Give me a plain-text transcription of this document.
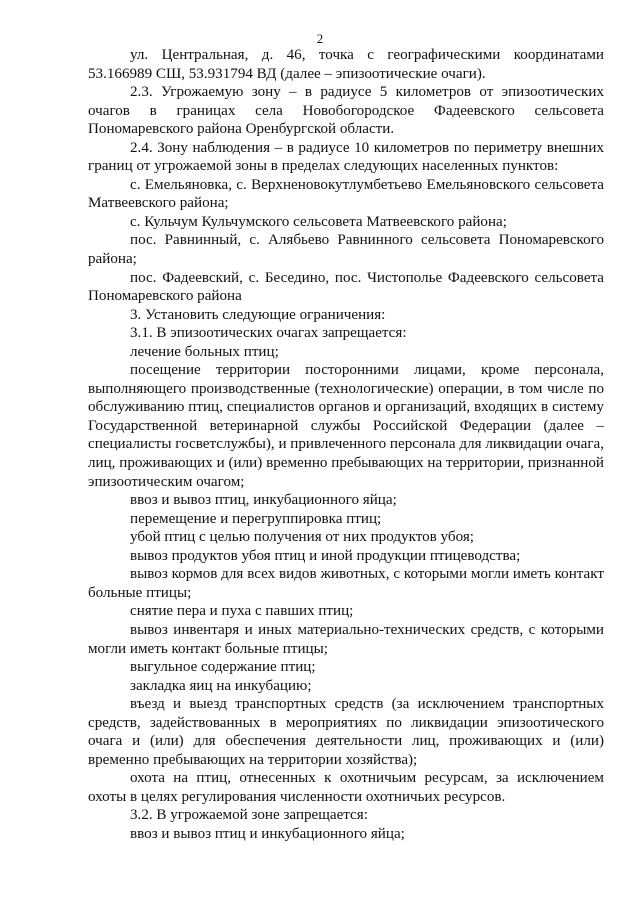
2

ул. Центральная, д. 46, точка с географическими координатами 53.166989 СШ, 53.931794 ВД (далее – эпизоотические очаги).

2.3. Угрожаемую зону – в радиусе 5 километров от эпизоотических очагов в границах села Новобогородское Фадеевского сельсовета Пономаревского района Оренбургской области.

2.4. Зону наблюдения – в радиусе 10 километров по периметру внешних границ от угрожаемой зоны в пределах следующих населенных пунктов:

с. Емельяновка, с. Верхненовокутлумбетьево Емельяновского сельсовета Матвеевского района;

с. Кульчум Кульчумского сельсовета Матвеевского района;

пос. Равнинный, с. Алябьево Равнинного сельсовета Пономаревского района;

пос. Фадеевский, с. Беседино, пос. Чистополье Фадеевского сельсовета Пономаревского района

3. Установить следующие ограничения:

3.1. В эпизоотических очагах запрещается:

лечение больных птиц;

посещение территории посторонними лицами, кроме персонала, выполняющего производственные (технологические) операции, в том числе по обслуживанию птиц, специалистов органов и организаций, входящих в систему Государственной ветеринарной службы Российской Федерации (далее – специалисты госветслужбы), и привлеченного персонала для ликвидации очага, лиц, проживающих и (или) временно пребывающих на территории, признанной эпизоотическим очагом;

ввоз и вывоз птиц, инкубационного яйца;

перемещение и перегруппировка птиц;

убой птиц с целью получения от них продуктов убоя;

вывоз продуктов убоя птиц и иной продукции птицеводства;

вывоз кормов для всех видов животных, с которыми могли иметь контакт больные птицы;

снятие пера и пуха с павших птиц;

вывоз инвентаря и иных материально-технических средств, с которыми могли иметь контакт больные птицы;

выгульное содержание птиц;

закладка яиц на инкубацию;

въезд и выезд транспортных средств (за исключением транспортных средств, задействованных в мероприятиях по ликвидации эпизоотического очага и (или) для обеспечения деятельности лиц, проживающих и (или) временно пребывающих на территории хозяйства);

охота на птиц, отнесенных к охотничьим ресурсам, за исключением охоты в целях регулирования численности охотничьих ресурсов.

3.2. В угрожаемой зоне запрещается:

ввоз и вывоз птиц и инкубационного яйца;
